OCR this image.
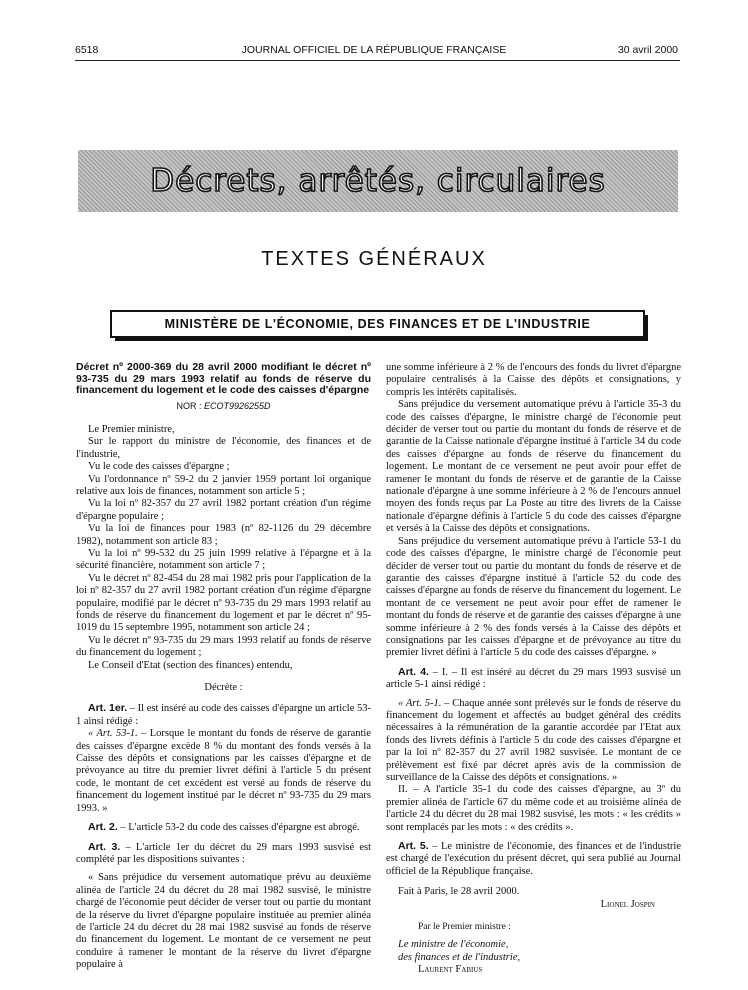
6518	JOURNAL OFFICIEL DE LA RÉPUBLIQUE FRANÇAISE	30 avril 2000
Décrets, arrêtés, circulaires
TEXTES GÉNÉRAUX
MINISTÈRE DE L'ÉCONOMIE, DES FINANCES ET DE L'INDUSTRIE

Décret nº 2000-369 du 28 avril 2000 modifiant le décret nº 93-735 du 29 mars 1993 relatif au fonds de réserve du financement du logement et le code des caisses d'épargne

NOR : ECOT9926255D

Le Premier ministre,

Sur le rapport du ministre de l'économie, des finances et de l'industrie,

Vu le code des caisses d'épargne ;

Vu l'ordonnance nº 59-2 du 2 janvier 1959 portant loi organique relative aux lois de finances, notamment son article 5 ;

Vu la loi nº 82-357 du 27 avril 1982 portant création d'un régime d'épargne populaire ;

Vu la loi de finances pour 1983 (nº 82-1126 du 29 décembre 1982), notamment son article 83 ;

Vu la loi nº 99-532 du 25 juin 1999 relative à l'épargne et à la sécurité financière, notamment son article 7 ;

Vu le décret nº 82-454 du 28 mai 1982 pris pour l'application de la loi nº 82-357 du 27 avril 1982 portant création d'un régime d'épargne populaire, modifié par le décret nº 93-735 du 29 mars 1993 relatif au fonds de réserve du financement du logement et par le décret nº 95-1019 du 15 septembre 1995, notamment son article 24 ;

Vu le décret nº 93-735 du 29 mars 1993 relatif au fonds de réserve du financement du logement ;

Le Conseil d'Etat (section des finances) entendu,

Décrète :

Art. 1er. – Il est inséré au code des caisses d'épargne un article 53-1 ainsi rédigé :

« Art. 53-1. – Lorsque le montant du fonds de réserve de garantie des caisses d'épargne excède 8 % du montant des fonds versés à la Caisse des dépôts et consignations par les caisses d'épargne et de prévoyance au titre du premier livret défini à l'article 5 du présent code, le montant de cet excédent est versé au fonds de réserve du financement du logement institué par le décret nº 93-735 du 29 mars 1993. »

Art. 2. – L'article 53-2 du code des caisses d'épargne est abrogé.

Art. 3. – L'article 1er du décret du 29 mars 1993 susvisé est complété par les dispositions suivantes :

« Sans préjudice du versement automatique prévu au deuxième alinéa de l'article 24 du décret du 28 mai 1982 susvisé, le ministre chargé de l'économie peut décider de verser tout ou partie du montant de la réserve du livret d'épargne populaire instituée au premier alinéa de l'article 24 du décret du 28 mai 1982 susvisé au fonds de réserve du financement du logement. Le montant de ce versement ne peut conduire à ramener le montant de la réserve du livret d'épargne populaire à

une somme inférieure à 2 % de l'encours des fonds du livret d'épargne populaire centralisés à la Caisse des dépôts et consignations, y compris les intérêts capitalisés.

Sans préjudice du versement automatique prévu à l'article 35-3 du code des caisses d'épargne, le ministre chargé de l'économie peut décider de verser tout ou partie du montant du fonds de réserve et de garantie de la Caisse nationale d'épargne institué à l'article 34 du code des caisses d'épargne au fonds de réserve du financement du logement. Le montant de ce versement ne peut avoir pour effet de ramener le montant du fonds de réserve et de garantie de la Caisse nationale d'épargne à une somme inférieure à 2 % de l'encours annuel moyen des fonds reçus par La Poste au titre des livrets de la Caisse nationale d'épargne définis à l'article 5 du code des caisses d'épargne et versés à la Caisse des dépôts et consignations.

Sans préjudice du versement automatique prévu à l'article 53-1 du code des caisses d'épargne, le ministre chargé de l'économie peut décider de verser tout ou partie du montant du fonds de réserve et de garantie des caisses d'épargne institué à l'article 52 du code des caisses d'épargne au fonds de réserve du financement du logement. Le montant de ce versement ne peut avoir pour effet de ramener le montant du fonds de réserve et de garantie des caisses d'épargne à une somme inférieure à 2 % des fonds versés à la Caisse des dépôts et consignations par les caisses d'épargne et de prévoyance au titre du premier livret défini à l'article 5 du code des caisses d'épargne. »

Art. 4. – I. – Il est inséré au décret du 29 mars 1993 susvisé un article 5-1 ainsi rédigé :

« Art. 5-1. – Chaque année sont prélevés sur le fonds de réserve du financement du logement et affectés au budget général des crédits nécessaires à la rémunération de la garantie accordée par l'Etat aux fonds des livrets définis à l'article 5 du code des caisses d'épargne et par la loi nº 82-357 du 27 avril 1982 susvisée. Le montant de ce prélèvement est fixé par décret après avis de la commission de surveillance de la Caisse des dépôts et consignations. »

II. – A l'article 35-1 du code des caisses d'épargne, au 3º du premier alinéa de l'article 67 du même code et au troisième alinéa de l'article 24 du décret du 28 mai 1982 susvisé, les mots : « les crédits » sont remplacés par les mots : « des crédits ».

Art. 5. – Le ministre de l'économie, des finances et de l'industrie est chargé de l'exécution du présent décret, qui sera publié au Journal officiel de la République française.

Fait à Paris, le 28 avril 2000.

Lionel Jospin

Par le Premier ministre :

Le ministre de l'économie,

des finances et de l'industrie,

Laurent Fabius
